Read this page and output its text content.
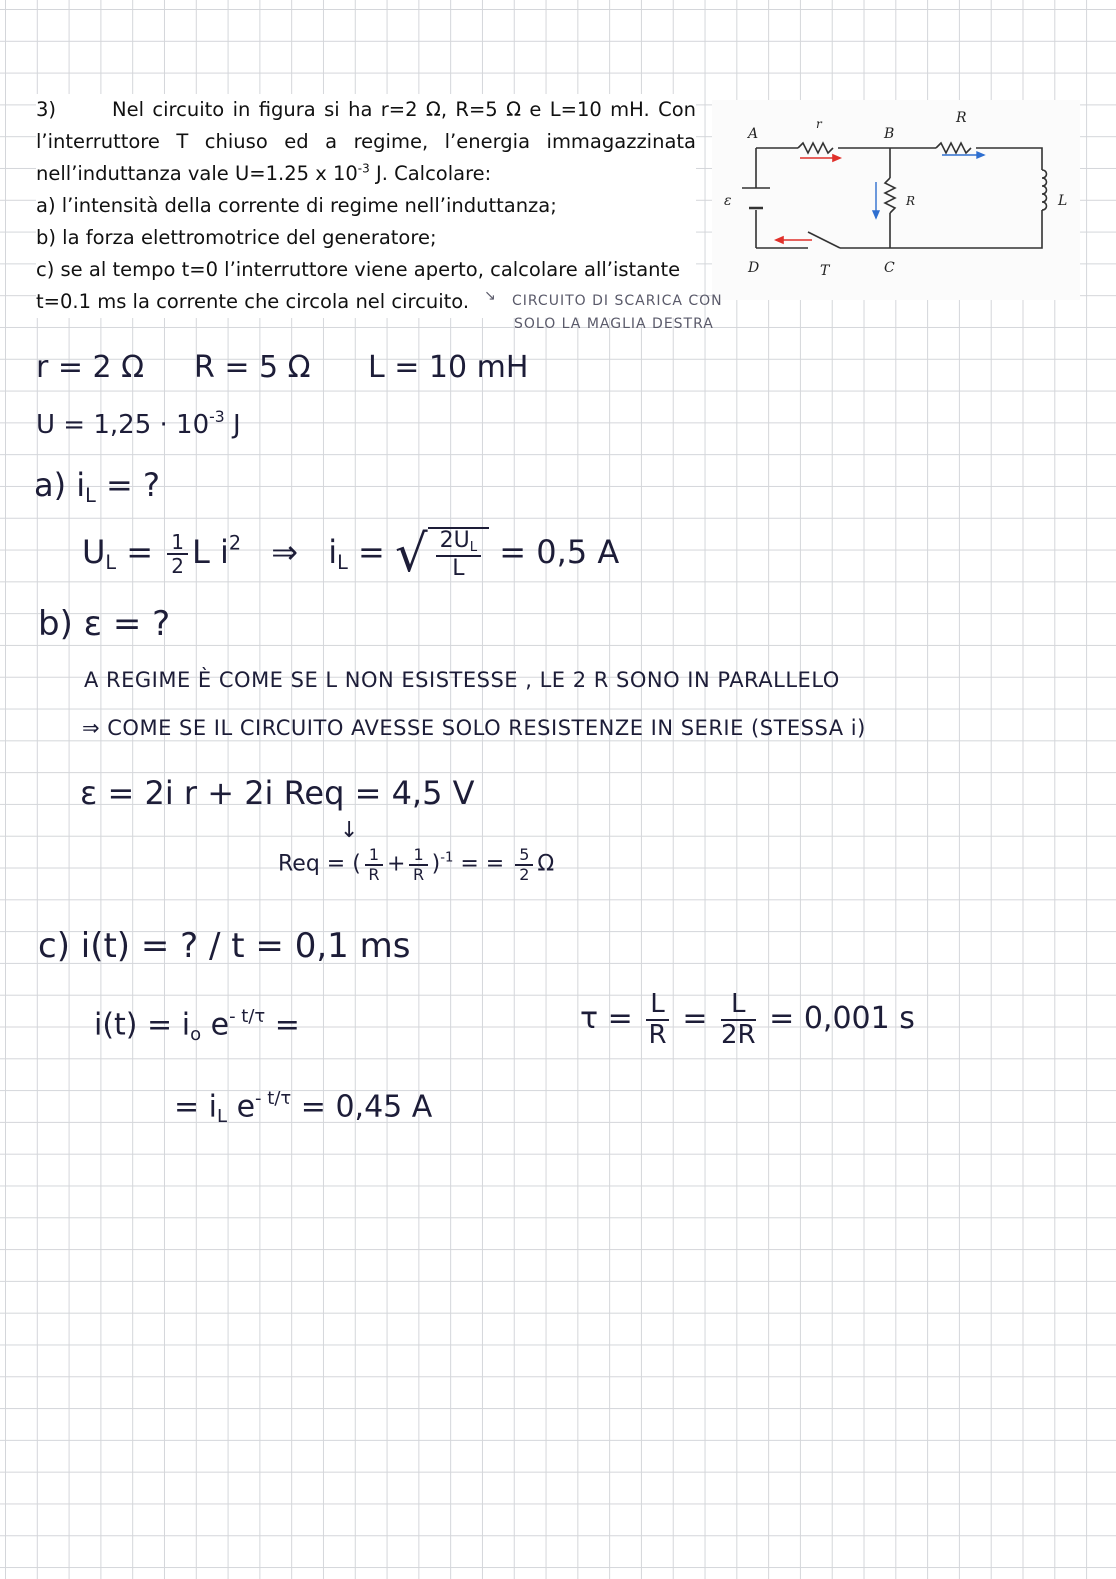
3)	Nel circuito in figura si ha r=2 Ω, R=5 Ω e L=10 mH. Con

l’interruttore T chiuso ed a regime, l’energia immagazzinata

nell’induttanza vale U=1.25 x $10^{-3}$ J. Calcolare:

a) l’intensità della corrente di regime nell’induttanza;

b) la forza elettromotrice del generatore;

c) se al tempo t=0 l’interruttore viene aperto, calcolare all’istante

t=0.1 ms la corrente che circola nel circuito.

A	B
C
D
r	R
R	L
ε
T
↘ CIRCUITO DI SCARICA CON
SOLO LA MAGLIA DESTRA
r = 2 Ω R = 5 Ω L = 10 mH
$U = 1,25 \cdot 10^{-3}$ J
a) $i_L$ = ?
$U_L = \frac{1}{2}$ L $i^2$ ⇒ $i_L$ = √ $\frac{2U_L}{L} = 0,5$ A
b) ε = ?
A REGIME È COME SE L NON ESISTESSE , LE 2 R SONO IN PARALLELO
⇒ COME SE IL CIRCUITO AVESSE SOLO RESISTENZE IN SERIE (STESSA i)
ε = 2i r + 2i Req = 4,5 V
↓
Req = ( $\frac{1}{R} + \frac{1}{R} )^{-1}$ = = $\frac{5}{2}$ Ω
c) i(t) = ? / t = 0,1 ms
$i(t) = i_o$ $e^{- t/\tau}$ =
= $i_L$ $e^{- t/\tau} = 0,45$ A
$\tau = \frac{L}{R} = \frac{L}{2R} = 0,001$ s
